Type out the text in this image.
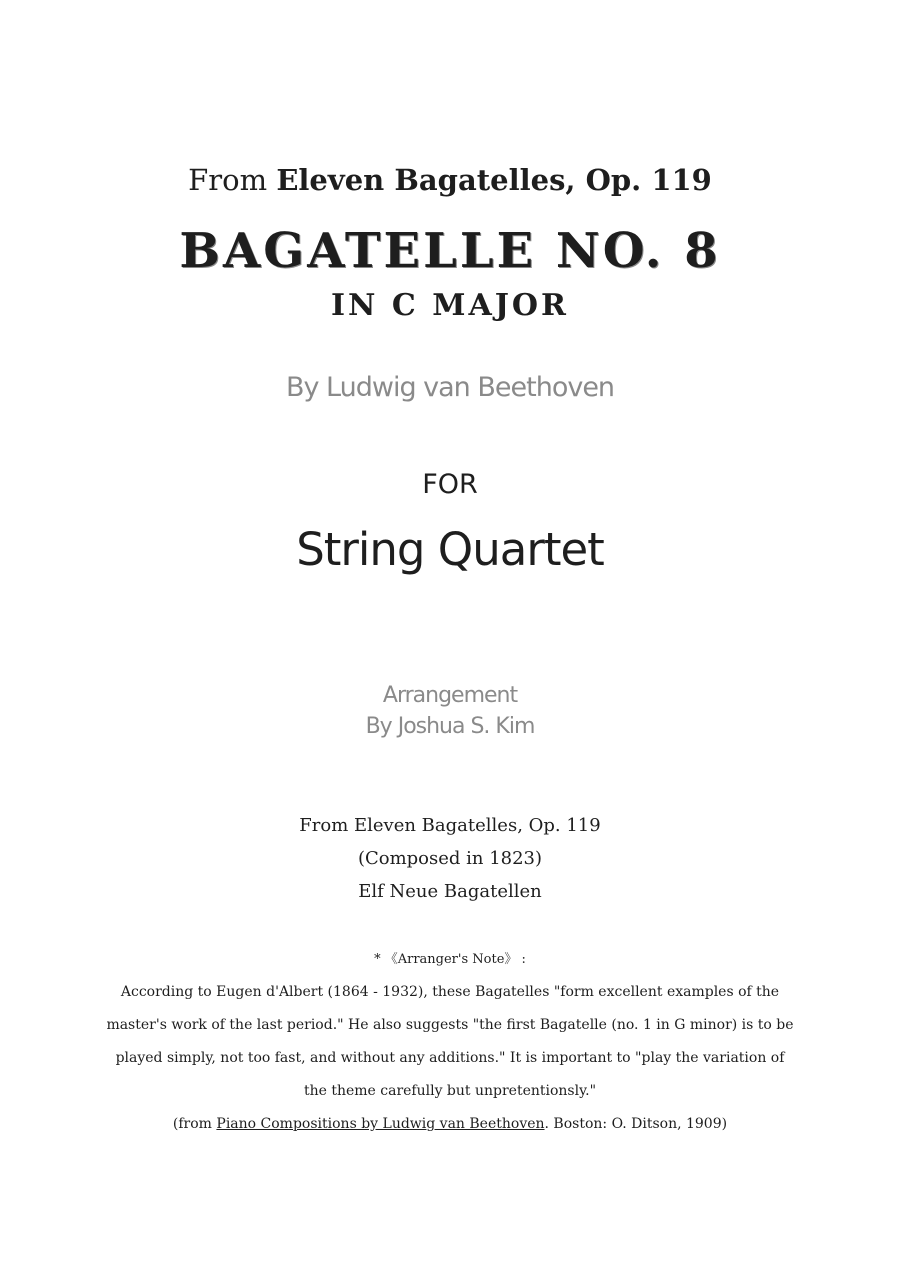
From Eleven Bagatelles, Op. 119

BAGATELLE NO. 8

IN C MAJOR

By Ludwig van Beethoven

FOR

String Quartet

Arrangement

By Joshua S. Kim

From Eleven Bagatelles, Op. 119

(Composed in 1823)

Elf Neue Bagatellen

* 《Arranger's Note》 :

According to Eugen d'Albert (1864 - 1932), these Bagatelles "form excellent examples of the

master's work of the last period." He also suggests "the first Bagatelle (no. 1 in G minor) is to be

played simply, not too fast, and without any additions." It is important to "play the variation of

the theme carefully but unpretentionsly."

(from Piano Compositions by Ludwig van Beethoven. Boston: O. Ditson, 1909)
